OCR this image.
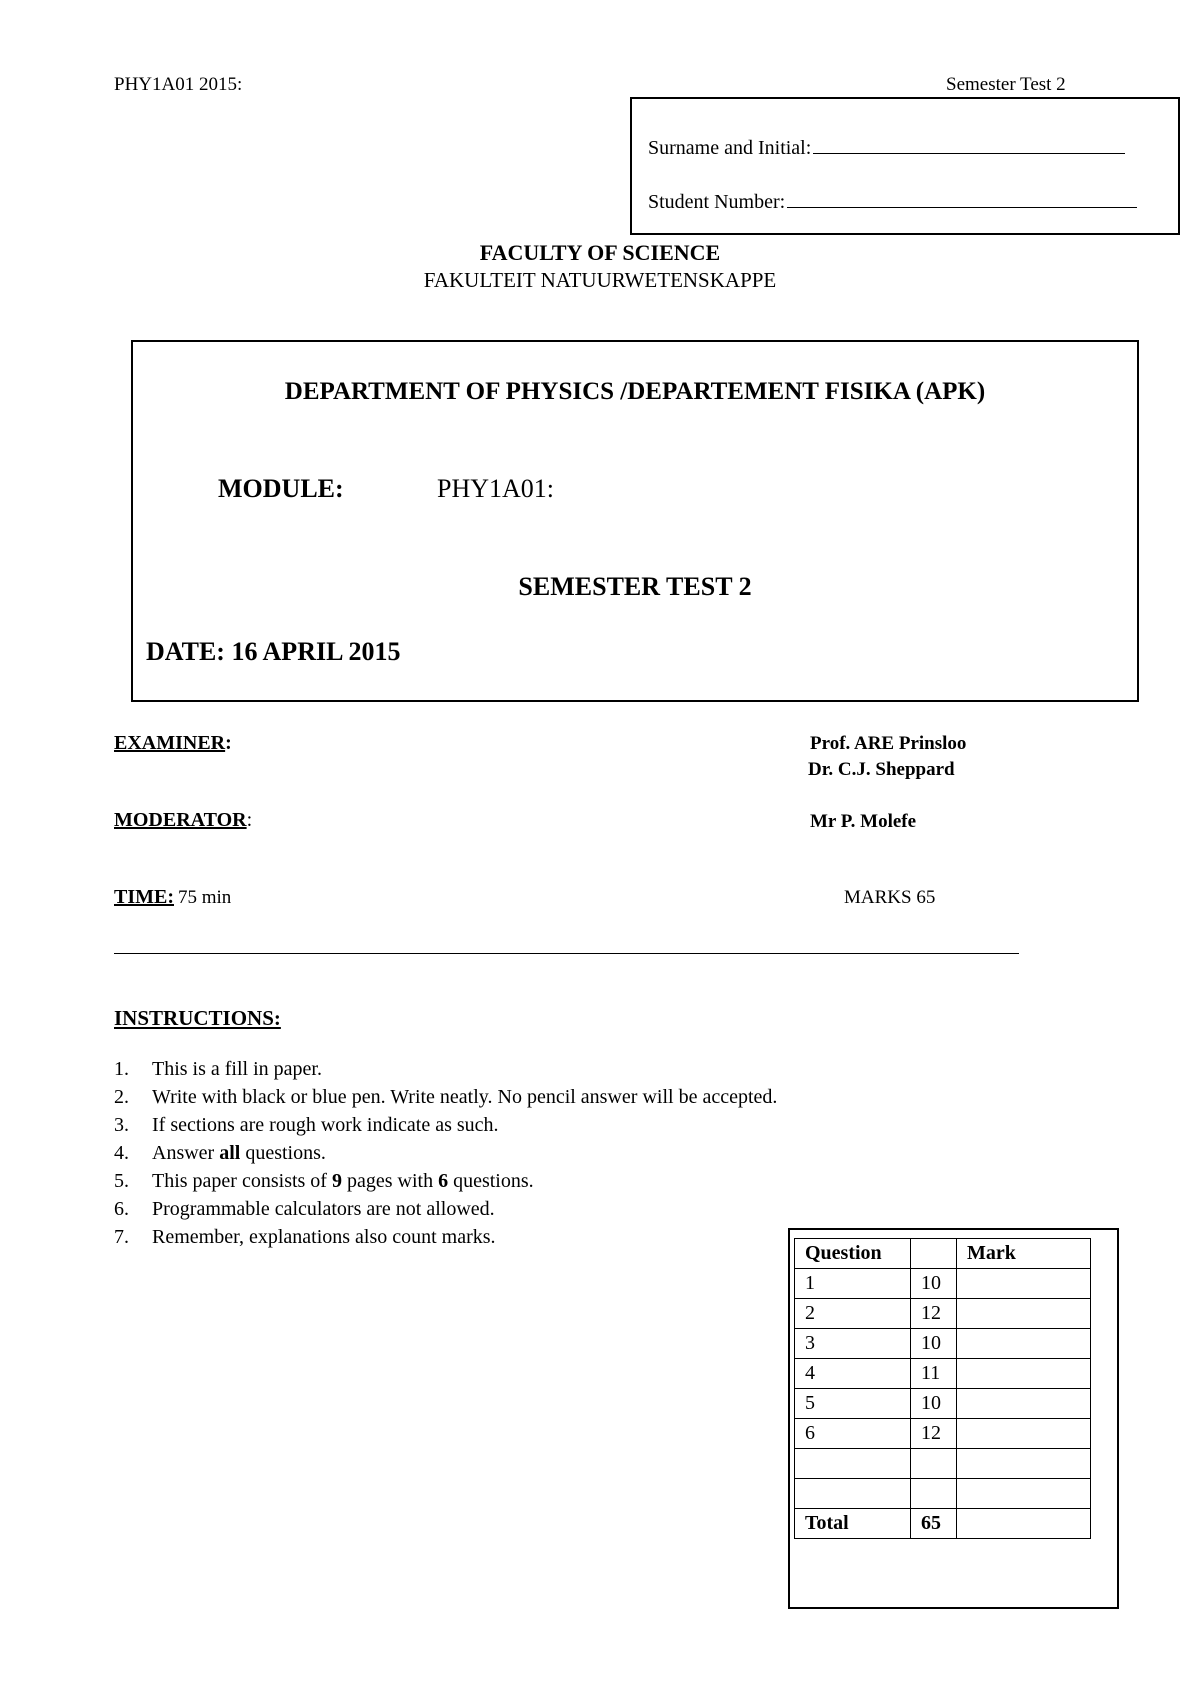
PHY1A01 2015:	Semester Test 2
Surname and Initial:
Student Number:
FACULTY OF SCIENCE
FAKULTEIT NATUURWETENSKAPPE
DEPARTMENT OF PHYSICS /DEPARTEMENT FISIKA (APK)
MODULE:	PHY1A01:
SEMESTER TEST 2
DATE: 16 APRIL 2015
EXAMINER:	Prof. ARE Prinsloo
Dr. C.J. Sheppard
MODERATOR:	Mr P. Molefe
TIME: 75 min	MARKS 65
INSTRUCTIONS:
1. This is a fill in paper.
2. Write with black or blue pen. Write neatly. No pencil answer will be accepted.
3. If sections are rough work indicate as such.
4. Answer all questions.
5. This paper consists of 9 pages with 6 questions.
6. Programmable calculators are not allowed.
7. Remember, explanations also count marks.
Question		Mark
1	10	
2	12	
3	10	
4	11	
5	10	
6	12	

Total	65	
